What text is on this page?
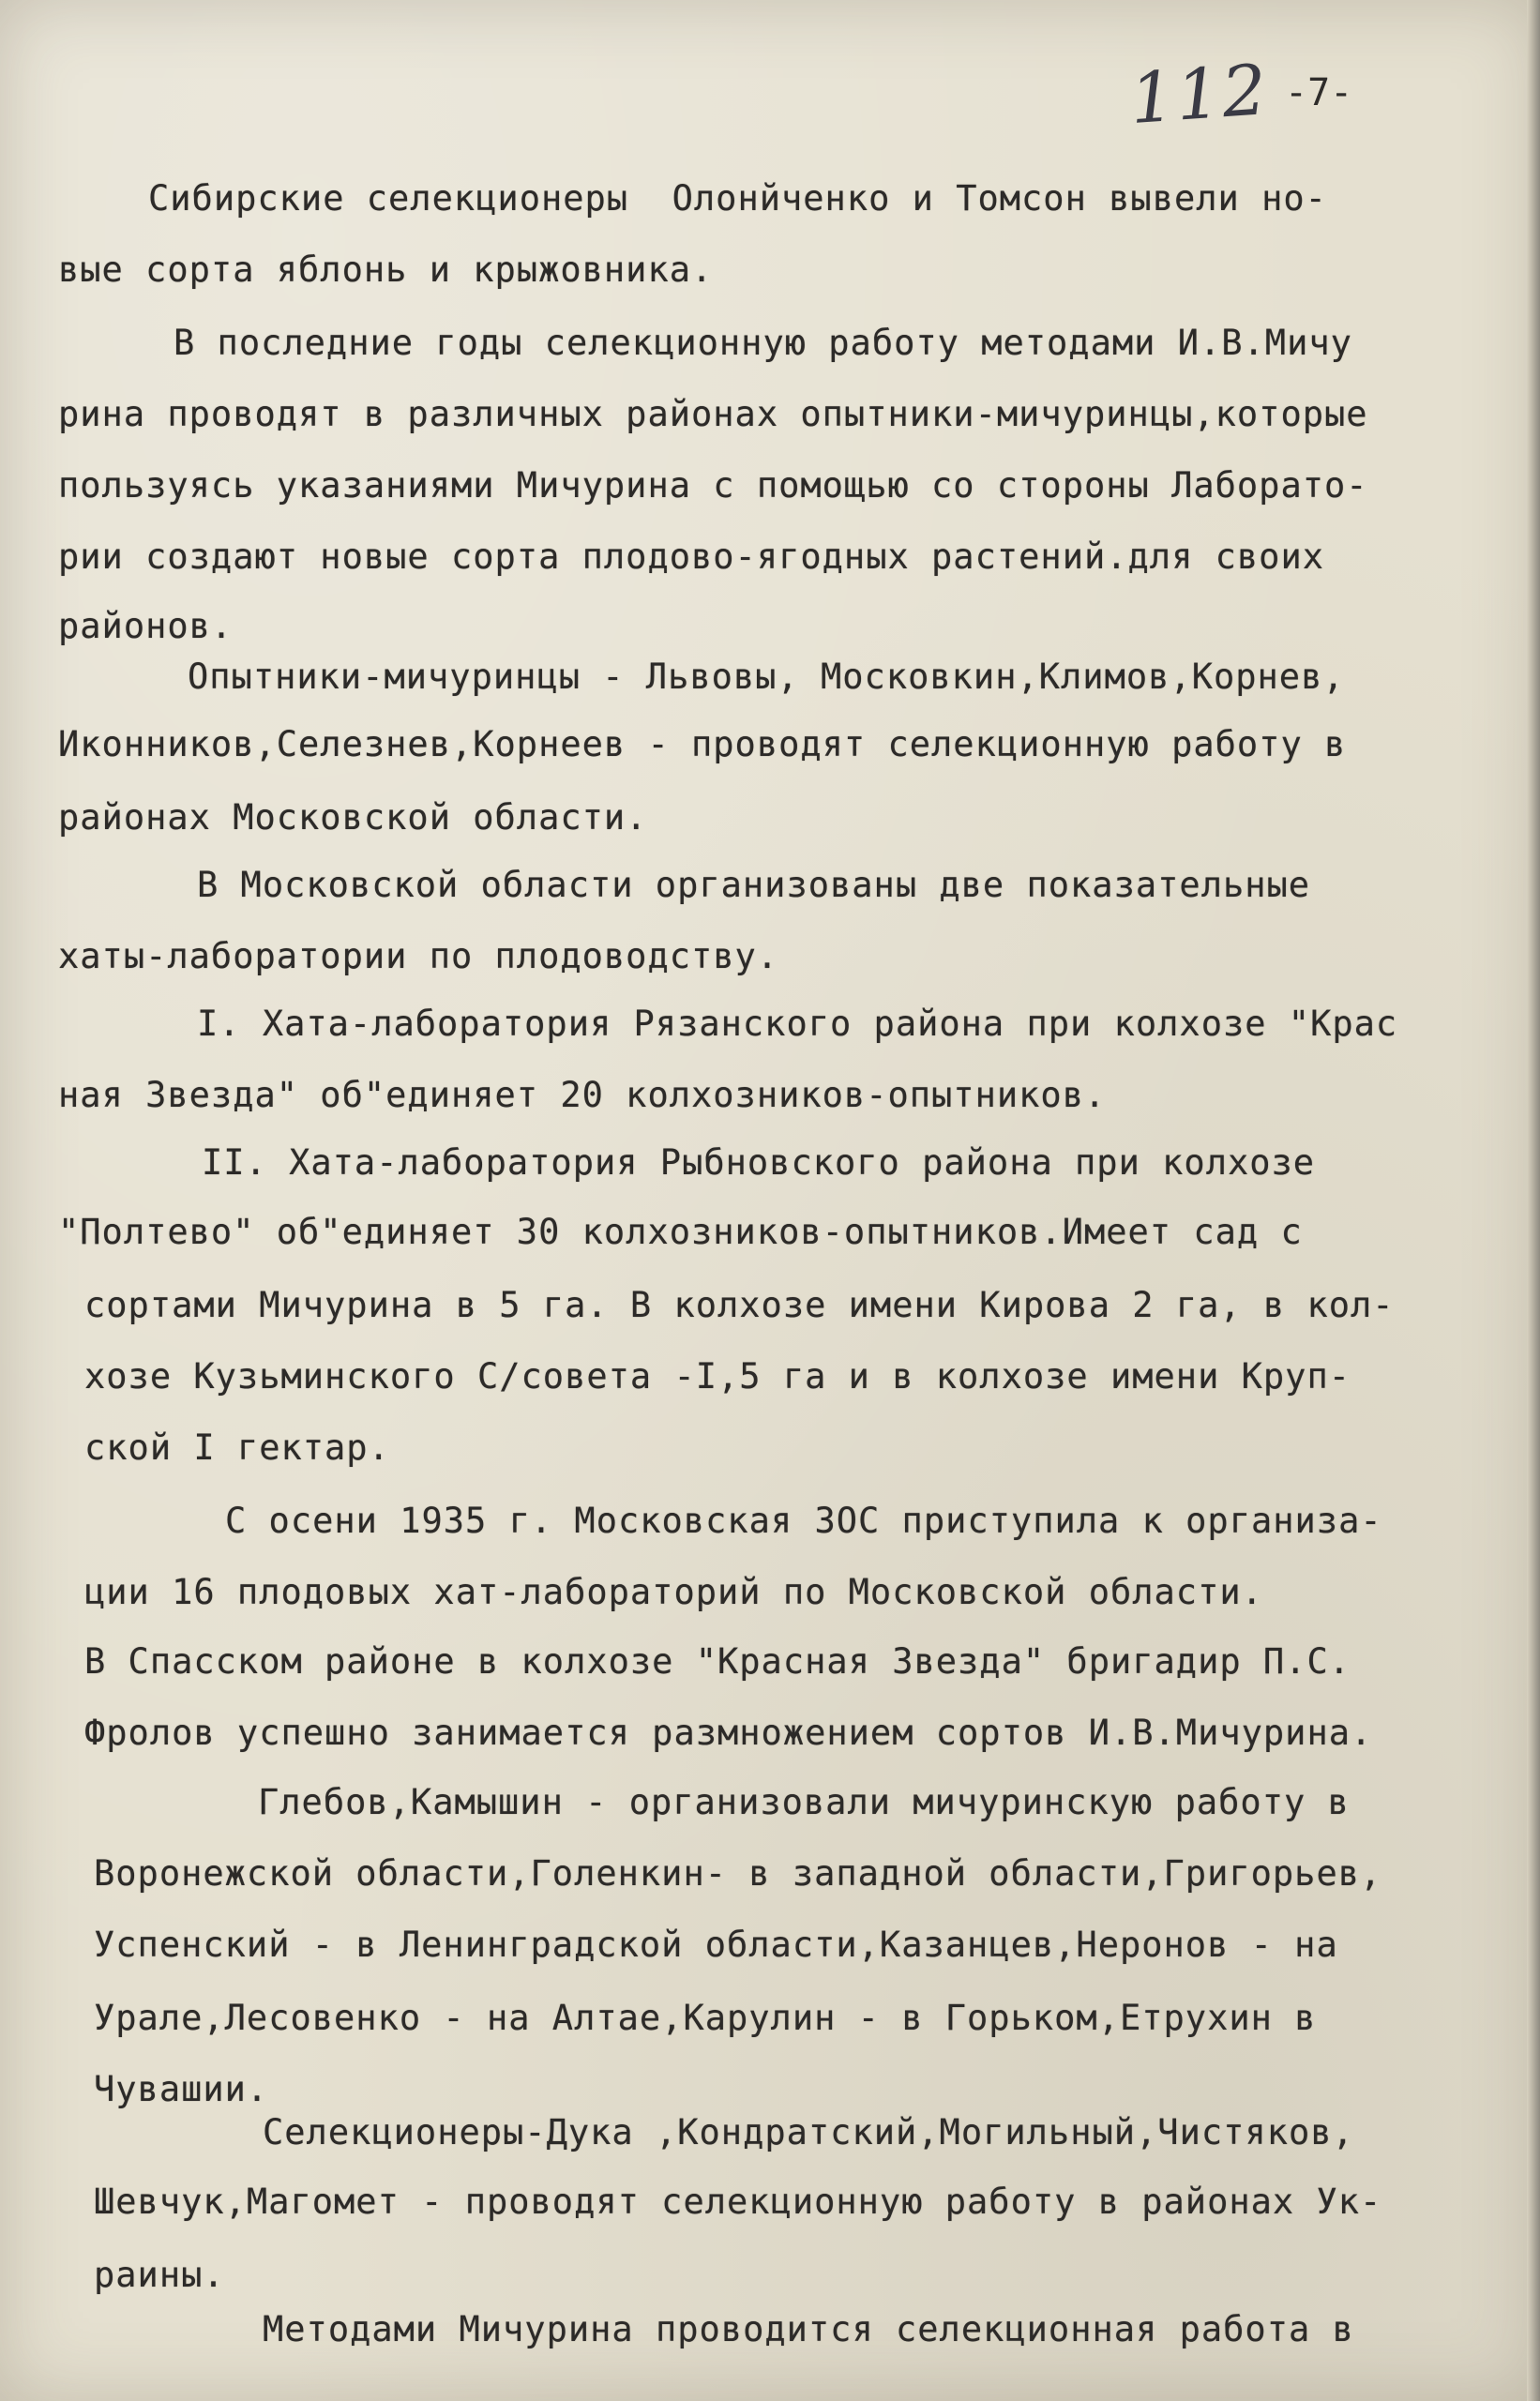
112 -7-
Сибирские селекционеры  Олонйченко и Томсон вывели но-
вые сорта яблонь и крыжовника.
В последние годы селекционную работу методами И.В.Мичу
рина проводят в различных районах опытники-мичуринцы,которые
пользуясь указаниями Мичурина с помощью со стороны Лаборато-
рии создают новые сорта плодово-ягодных растений.для своих
районов.
Опытники-мичуринцы - Львовы, Московкин,Климов,Корнев,
Иконников,Селезнев,Корнеев - проводят селекционную работу в
районах Московской области.
В Московской области организованы две показательные
хаты-лаборатории по плодоводству.
I. Хата-лаборатория Рязанского района при колхозе "Крас
ная Звезда" об"единяет 20 колхозников-опытников.
II. Хата-лаборатория Рыбновского района при колхозе
"Полтево" об"единяет 30 колхозников-опытников.Имеет сад с
сортами Мичурина в 5 га. В колхозе имени Кирова 2 га, в кол-
хозе Кузьминского С/совета -I,5 га и в колхозе имени Круп-
ской I гектар.
С осени 1935 г. Московская ЗОС приступила к организа-
ции 16 плодовых хат-лабораторий по Московской области.
В Спасском районе в колхозе "Красная Звезда" бригадир П.С.
Фролов успешно занимается размножением сортов И.В.Мичурина.
Глебов,Камышин - организовали мичуринскую работу в
Воронежской области,Голенкин- в западной области,Григорьев,
Успенский - в Ленинградской области,Казанцев,Неронов - на
Урале,Лесовенко - на Алтае,Карулин - в Горьком,Етрухин в
Чувашии.
Селекционеры-Дука ,Кондратский,Могильный,Чистяков,
Шевчук,Магомет - проводят селекционную работу в районах Ук-
раины.
Методами Мичурина проводится селекционная работа в
